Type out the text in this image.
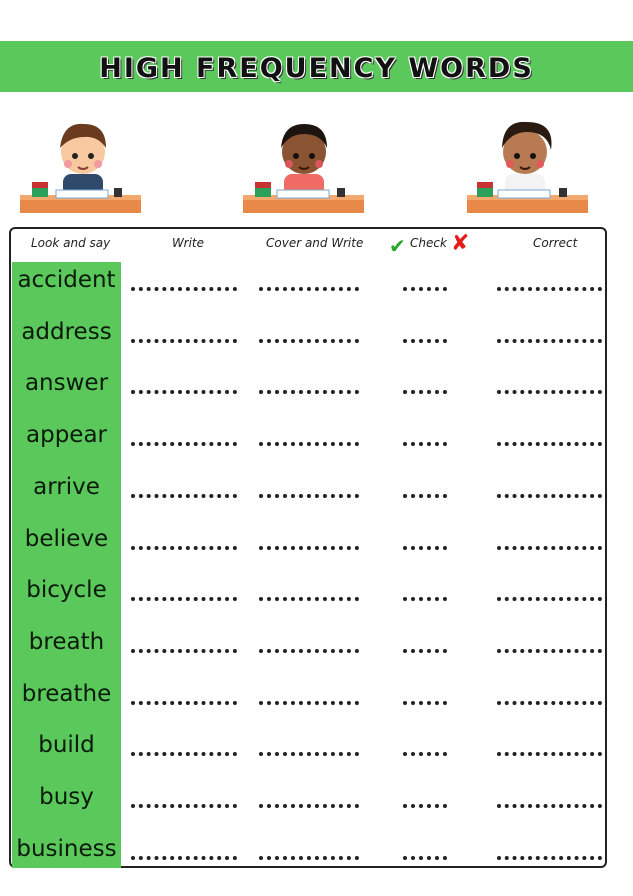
HIGH FREQUENCY WORDS
Look and say	Write	Cover and Write ✔ Check ✘	Correct
accident
address
answer
appear
arrive
believe
bicycle
breath
breathe
build
busy
business
